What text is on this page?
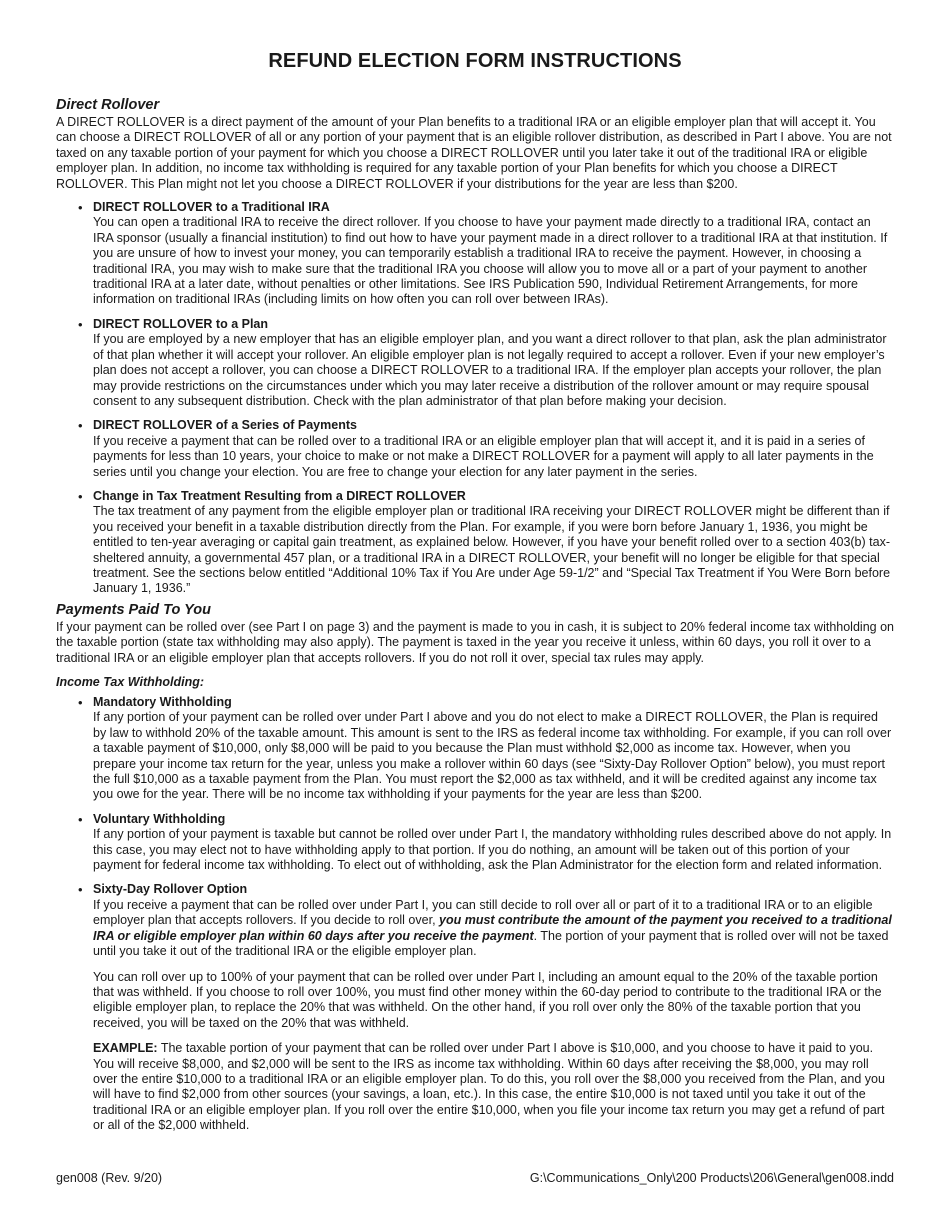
REFUND ELECTION FORM INSTRUCTIONS
Direct Rollover

A DIRECT ROLLOVER is a direct payment of the amount of your Plan benefits to a traditional IRA or an eligible employer plan that will accept it. You can choose a DIRECT ROLLOVER of all or any portion of your payment that is an eligible rollover distribution, as described in Part I above. You are not taxed on any taxable portion of your payment for which you choose a DIRECT ROLLOVER until you later take it out of the traditional IRA or eligible employer plan. In addition, no income tax withholding is required for any taxable portion of your Plan benefits for which you choose a DIRECT ROLLOVER. This Plan might not let you choose a DIRECT ROLLOVER if your distributions for the year are less than $200.

• DIRECT ROLLOVER to a Traditional IRA
You can open a traditional IRA to receive the direct rollover. If you choose to have your payment made directly to a traditional IRA, contact an IRA sponsor (usually a financial institution) to find out how to have your payment made in a direct rollover to a traditional IRA at that institution. If you are unsure of how to invest your money, you can temporarily establish a traditional IRA to receive the payment. However, in choosing a traditional IRA, you may wish to make sure that the traditional IRA you choose will allow you to move all or a part of your payment to another traditional IRA at a later date, without penalties or other limitations. See IRS Publication 590, Individual Retirement Arrangements, for more information on traditional IRAs (including limits on how often you can roll over between IRAs).
• DIRECT ROLLOVER to a Plan
If you are employed by a new employer that has an eligible employer plan, and you want a direct rollover to that plan, ask the plan administrator of that plan whether it will accept your rollover. An eligible employer plan is not legally required to accept a rollover. Even if your new employer’s plan does not accept a rollover, you can choose a DIRECT ROLLOVER to a traditional IRA. If the employer plan accepts your rollover, the plan may provide restrictions on the circumstances under which you may later receive a distribution of the rollover amount or may require spousal consent to any subsequent distribution. Check with the plan administrator of that plan before making your decision.
• DIRECT ROLLOVER of a Series of Payments
If you receive a payment that can be rolled over to a traditional IRA or an eligible employer plan that will accept it, and it is paid in a series of payments for less than 10 years, your choice to make or not make a DIRECT ROLLOVER for a payment will apply to all later payments in the series until you change your election. You are free to change your election for any later payment in the series.
• Change in Tax Treatment Resulting from a DIRECT ROLLOVER
The tax treatment of any payment from the eligible employer plan or traditional IRA receiving your DIRECT ROLLOVER might be different than if you received your benefit in a taxable distribution directly from the Plan. For example, if you were born before January 1, 1936, you might be entitled to ten-year averaging or capital gain treatment, as explained below. However, if you have your benefit rolled over to a section 403(b) tax-sheltered annuity, a governmental 457 plan, or a traditional IRA in a DIRECT ROLLOVER, your benefit will no longer be eligible for that special treatment. See the sections below entitled “Additional 10% Tax if You Are under Age 59-1/2” and “Special Tax Treatment if You Were Born before January 1, 1936.”
Payments Paid To You

If your payment can be rolled over (see Part I on page 3) and the payment is made to you in cash, it is subject to 20% federal income tax withholding on the taxable portion (state tax withholding may also apply). The payment is taxed in the year you receive it unless, within 60 days, you roll it over to a traditional IRA or an eligible employer plan that accepts rollovers. If you do not roll it over, special tax rules may apply.

Income Tax Withholding:
• Mandatory Withholding
If any portion of your payment can be rolled over under Part I above and you do not elect to make a DIRECT ROLLOVER, the Plan is required by law to withhold 20% of the taxable amount. This amount is sent to the IRS as federal income tax withholding. For example, if you can roll over a taxable payment of $10,000, only $8,000 will be paid to you because the Plan must withhold $2,000 as income tax. However, when you prepare your income tax return for the year, unless you make a rollover within 60 days (see “Sixty-Day Rollover Option” below), you must report the full $10,000 as a taxable payment from the Plan. You must report the $2,000 as tax withheld, and it will be credited against any income tax you owe for the year. There will be no income tax withholding if your payments for the year are less than $200.
• Voluntary Withholding
If any portion of your payment is taxable but cannot be rolled over under Part I, the mandatory withholding rules described above do not apply. In this case, you may elect not to have withholding apply to that portion. If you do nothing, an amount will be taken out of this portion of your payment for federal income tax withholding. To elect out of withholding, ask the Plan Administrator for the election form and related information.
• Sixty-Day Rollover Option
If you receive a payment that can be rolled over under Part I, you can still decide to roll over all or part of it to a traditional IRA or to an eligible employer plan that accepts rollovers. If you decide to roll over, you must contribute the amount of the payment you received to a traditional IRA or eligible employer plan within 60 days after you receive the payment. The portion of your payment that is rolled over will not be taxed until you take it out of the traditional IRA or the eligible employer plan.

You can roll over up to 100% of your payment that can be rolled over under Part I, including an amount equal to the 20% of the taxable portion that was withheld. If you choose to roll over 100%, you must find other money within the 60-day period to contribute to the traditional IRA or the eligible employer plan, to replace the 20% that was withheld. On the other hand, if you roll over only the 80% of the taxable portion that you received, you will be taxed on the 20% that was withheld.

EXAMPLE: The taxable portion of your payment that can be rolled over under Part I above is $10,000, and you choose to have it paid to you. You will receive $8,000, and $2,000 will be sent to the IRS as income tax withholding. Within 60 days after receiving the $8,000, you may roll over the entire $10,000 to a traditional IRA or an eligible employer plan. To do this, you roll over the $8,000 you received from the Plan, and you will have to find $2,000 from other sources (your savings, a loan, etc.). In this case, the entire $10,000 is not taxed until you take it out of the traditional IRA or an eligible employer plan. If you roll over the entire $10,000, when you file your income tax return you may get a refund of part or all of the $2,000 withheld.

gen008 (Rev. 9/20)	G:\Communications_Only\200 Products\206\General\gen008.indd
